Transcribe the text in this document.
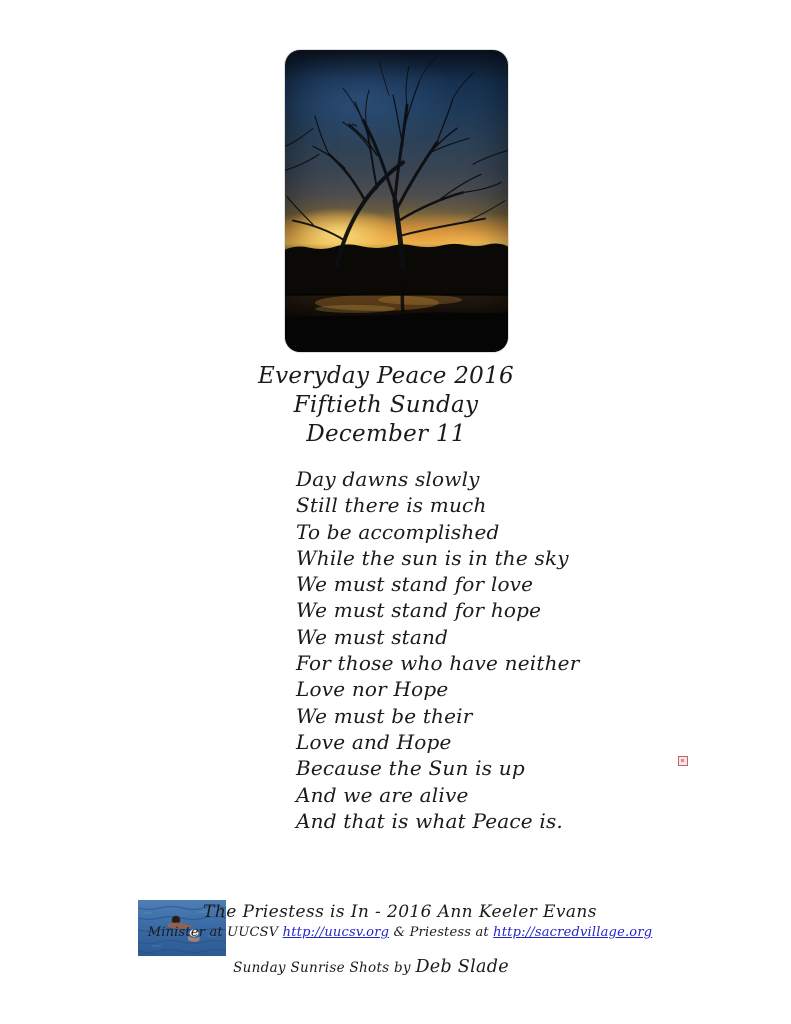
Everyday Peace 2016
Fiftieth Sunday
December 11
Day dawns slowly
Still there is much
To be accomplished
While the sun is in the sky
We must stand for love
We must stand for hope
We must stand
For those who have neither
Love nor Hope
We must be their
Love and Hope
Because the Sun is up
And we are alive
And that is what Peace is.
The Priestess is In - 2016 Ann Keeler Evans
Minister at UUCSV http://uucsv.org & Priestess at http://sacredvillage.org
Sunday Sunrise Shots by Deb Slade
